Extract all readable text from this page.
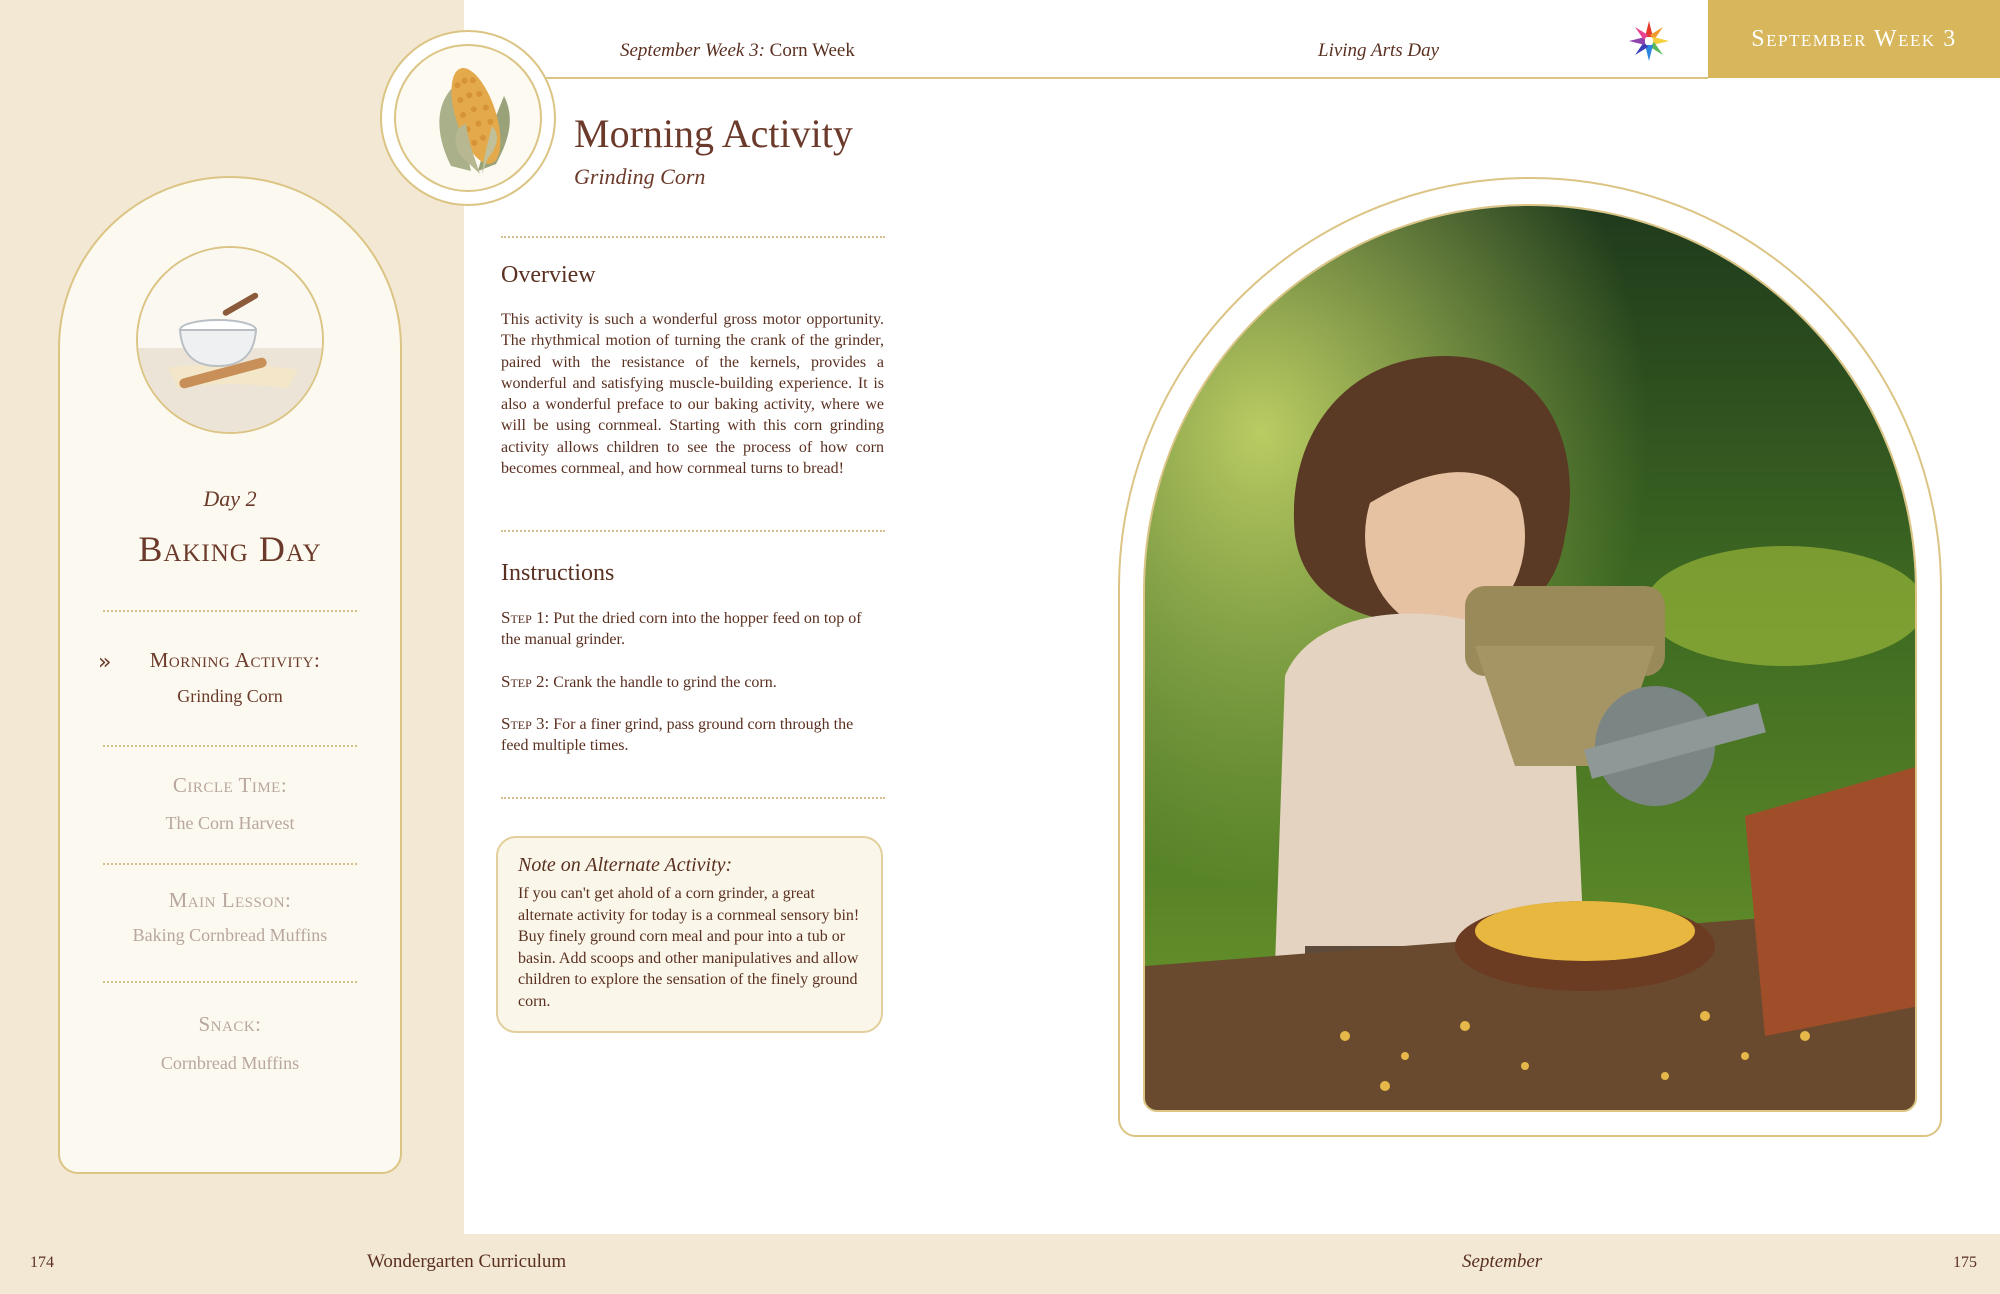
September Week 3: Corn Week	Living Arts Day	September Week 3
Morning Activity
Grinding Corn
Overview
This activity is such a wonderful gross motor opportunity. The rhythmical motion of turning the crank of the grinder, paired with the resistance of the kernels, provides a wonderful and satisfying muscle-building experience. It is also a wonderful preface to our baking activity, where we will be using cornmeal. Starting with this corn grinding activity allows children to see the process of how corn becomes cornmeal, and how cornmeal turns to bread!
Instructions
Step 1: Put the dried corn into the hopper feed on top of the manual grinder.
Step 2: Crank the handle to grind the corn.
Step 3: For a finer grind, pass ground corn through the feed multiple times.
Note on Alternate Activity:
If you can't get ahold of a corn grinder, a great alternate activity for today is a cornmeal sensory bin! Buy finely ground corn meal and pour into a tub or basin. Add scoops and other manipulatives and allow children to explore the sensation of the finely ground corn.
Day 2
Baking Day
»	Morning Activity:
Grinding Corn
Circle Time:
The Corn Harvest
Main Lesson:
Baking Cornbread Muffins
Snack:
Cornbread Muffins
174	Wondergarten Curriculum	September	175
